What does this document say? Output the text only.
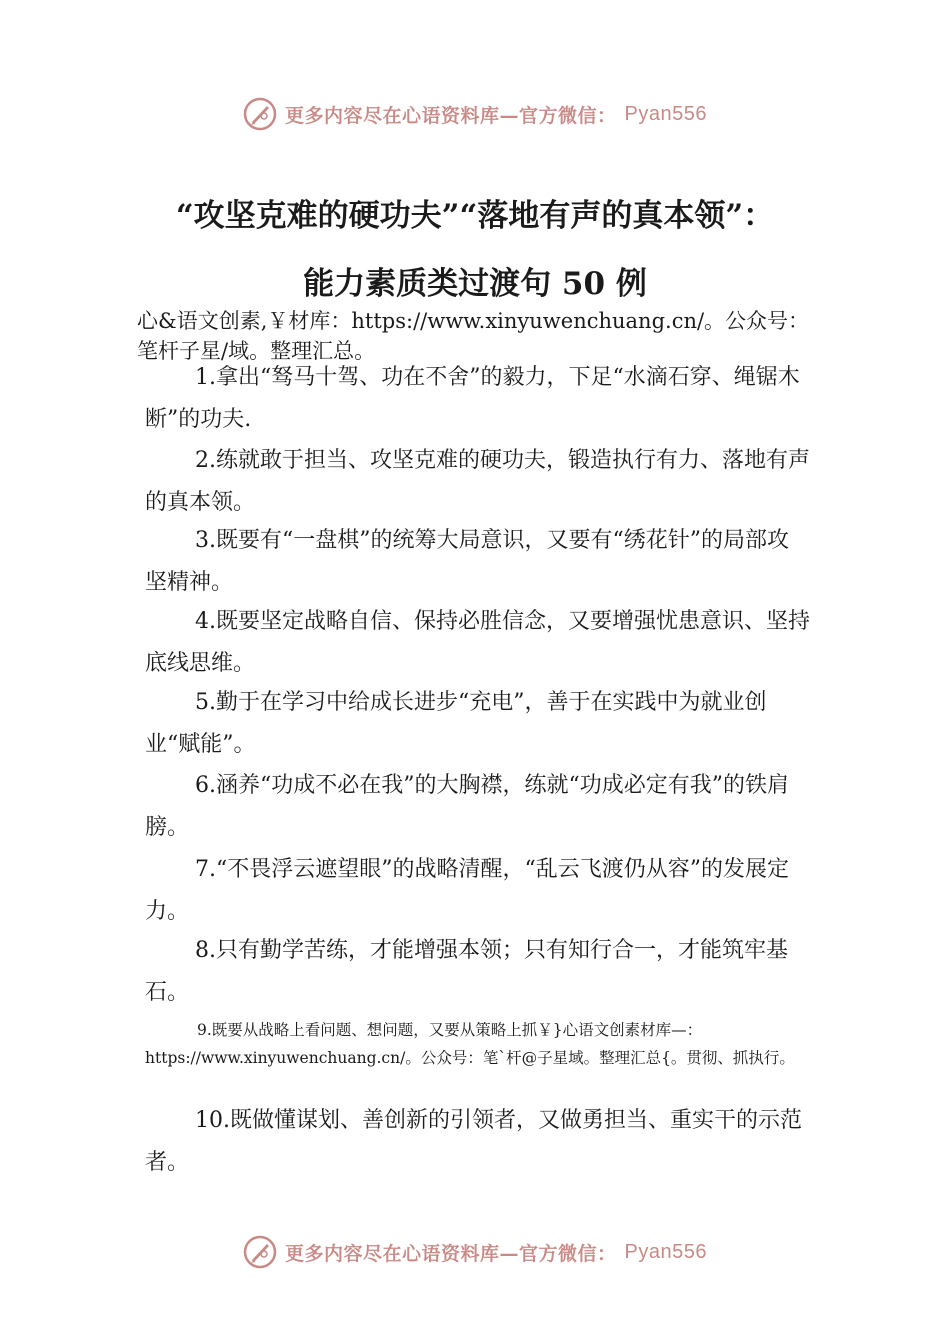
更多内容尽在心语资料库—官方微信： Pyan556
“攻坚克难的硬功夫”“落地有声的真本领”：
能力素质类过渡句 50 例
心&语文创素,￥材库：https://www.xinyuwenchuang.cn/。公众号：笔杆子星/域。整理汇总。
1.拿出“驽马十驾、功在不舍”的毅力，下足“水滴石穿、绳锯木断”的功夫.
2.练就敢于担当、攻坚克难的硬功夫，锻造执行有力、落地有声的真本领。
3.既要有“一盘棋”的统筹大局意识，又要有“绣花针”的局部攻坚精神。
4.既要坚定战略自信、保持必胜信念，又要增强忧患意识、坚持底线思维。
5.勤于在学习中给成长进步“充电”，善于在实践中为就业创业“赋能”。
6.涵养“功成不必在我”的大胸襟，练就“功成必定有我”的铁肩膀。
7.“不畏浮云遮望眼”的战略清醒，“乱云飞渡仍从容”的发展定力。
8.只有勤学苦练，才能增强本领；只有知行合一，才能筑牢基石。
9.既要从战略上看问题、想问题，又要从策略上抓￥}心语文创素材库—：https://www.xinyuwenchuang.cn/。公众号：笔`杆@子星域。整理汇总{。贯彻、抓执行。
10.既做懂谋划、善创新的引领者，又做勇担当、重实干的示范者。
更多内容尽在心语资料库—官方微信： Pyan556
